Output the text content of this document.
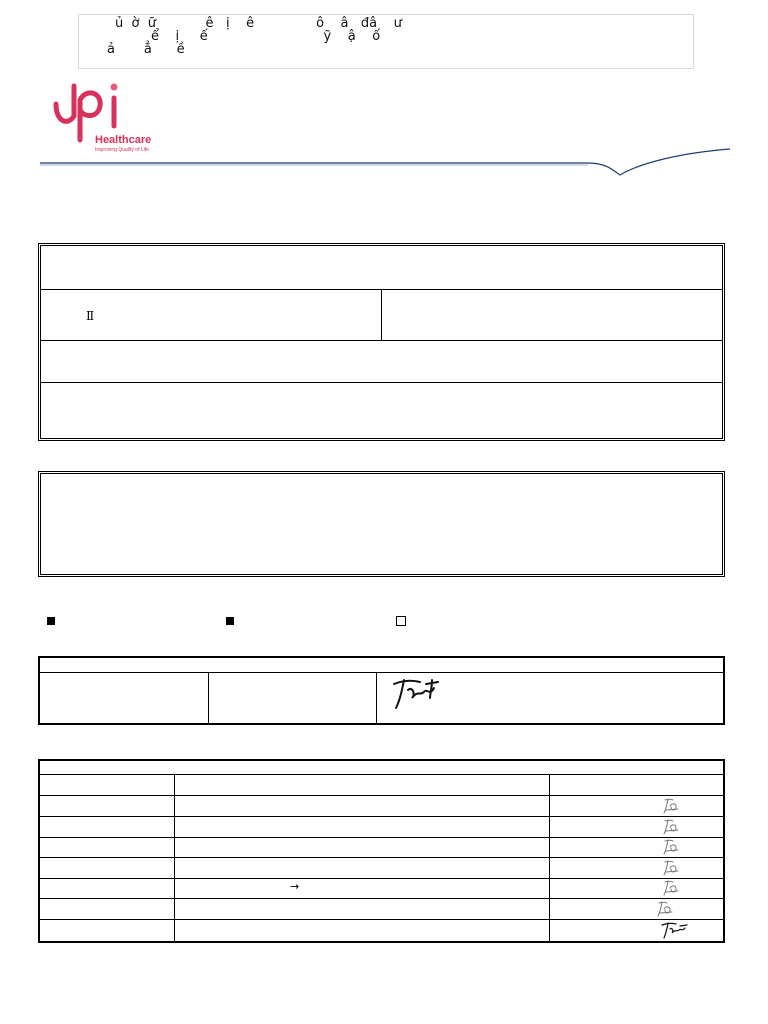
ủ  ờ  ữ            ê   ị    ê               ô    â   đâ    ư
ể    ị     ế                            ỹ    ậ    ố
ả       ẳ      ề
Healthcare
Improving Quality of Life
Ⅱ
→
